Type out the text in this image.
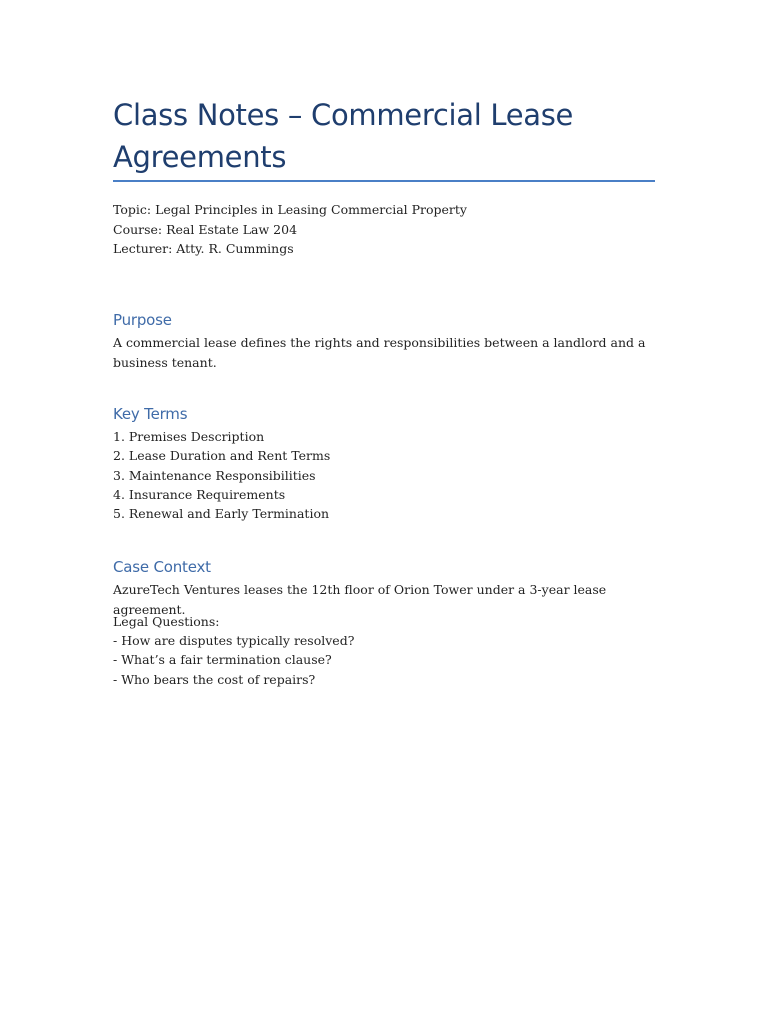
Class Notes – Commercial Lease Agreements
Topic: Legal Principles in Leasing Commercial Property
Course: Real Estate Law 204
Lecturer: Atty. R. Cummings
Purpose

A commercial lease defines the rights and responsibilities between a landlord and a business tenant.

Key Terms
1. Premises Description
2. Lease Duration and Rent Terms
3. Maintenance Responsibilities
4. Insurance Requirements
5. Renewal and Early Termination
Case Context

AzureTech Ventures leases the 12th floor of Orion Tower under a 3-year lease agreement.

Legal Questions:

- How are disputes typically resolved?
- What’s a fair termination clause?
- Who bears the cost of repairs?
